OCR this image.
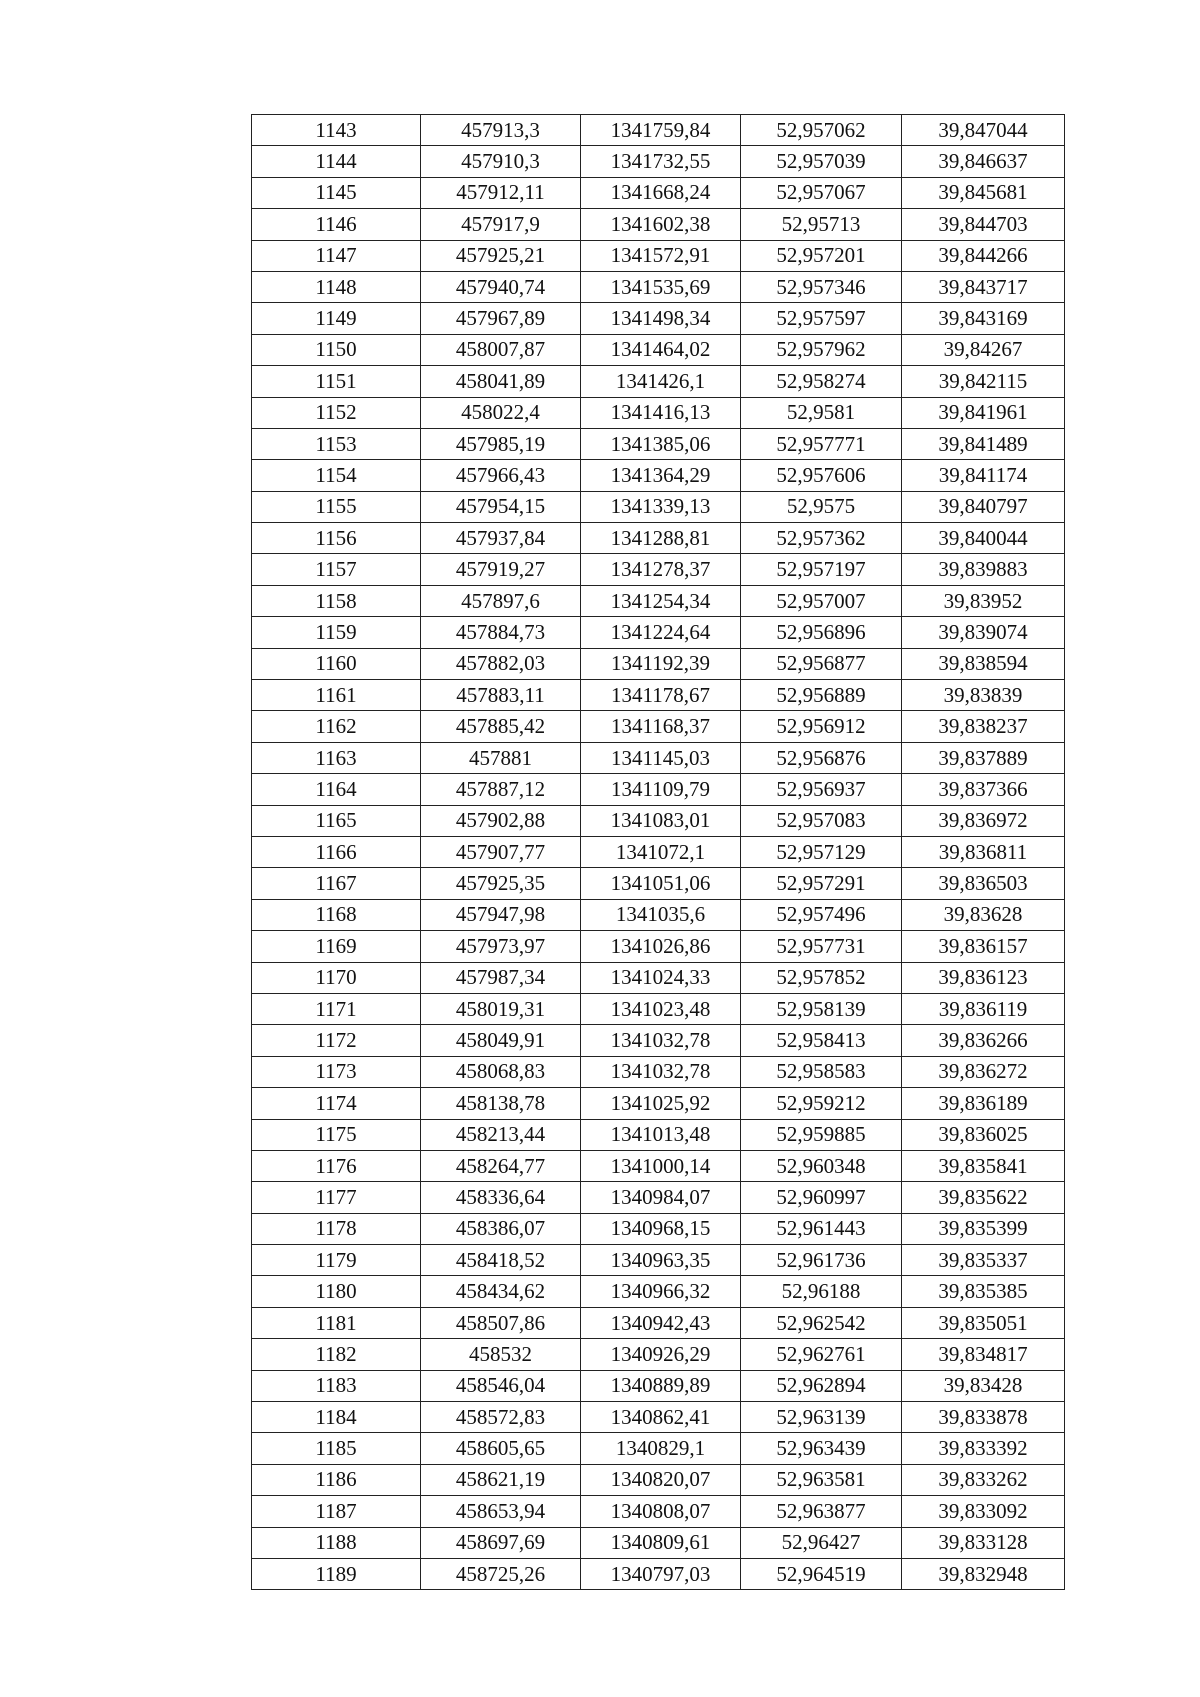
1143	457913,3	1341759,84	52,957062	39,847044
1144	457910,3	1341732,55	52,957039	39,846637
1145	457912,11	1341668,24	52,957067	39,845681
1146	457917,9	1341602,38	52,95713	39,844703
1147	457925,21	1341572,91	52,957201	39,844266
1148	457940,74	1341535,69	52,957346	39,843717
1149	457967,89	1341498,34	52,957597	39,843169
1150	458007,87	1341464,02	52,957962	39,84267
1151	458041,89	1341426,1	52,958274	39,842115
1152	458022,4	1341416,13	52,9581	39,841961
1153	457985,19	1341385,06	52,957771	39,841489
1154	457966,43	1341364,29	52,957606	39,841174
1155	457954,15	1341339,13	52,9575	39,840797
1156	457937,84	1341288,81	52,957362	39,840044
1157	457919,27	1341278,37	52,957197	39,839883
1158	457897,6	1341254,34	52,957007	39,83952
1159	457884,73	1341224,64	52,956896	39,839074
1160	457882,03	1341192,39	52,956877	39,838594
1161	457883,11	1341178,67	52,956889	39,83839
1162	457885,42	1341168,37	52,956912	39,838237
1163	457881	1341145,03	52,956876	39,837889
1164	457887,12	1341109,79	52,956937	39,837366
1165	457902,88	1341083,01	52,957083	39,836972
1166	457907,77	1341072,1	52,957129	39,836811
1167	457925,35	1341051,06	52,957291	39,836503
1168	457947,98	1341035,6	52,957496	39,83628
1169	457973,97	1341026,86	52,957731	39,836157
1170	457987,34	1341024,33	52,957852	39,836123
1171	458019,31	1341023,48	52,958139	39,836119
1172	458049,91	1341032,78	52,958413	39,836266
1173	458068,83	1341032,78	52,958583	39,836272
1174	458138,78	1341025,92	52,959212	39,836189
1175	458213,44	1341013,48	52,959885	39,836025
1176	458264,77	1341000,14	52,960348	39,835841
1177	458336,64	1340984,07	52,960997	39,835622
1178	458386,07	1340968,15	52,961443	39,835399
1179	458418,52	1340963,35	52,961736	39,835337
1180	458434,62	1340966,32	52,96188	39,835385
1181	458507,86	1340942,43	52,962542	39,835051
1182	458532	1340926,29	52,962761	39,834817
1183	458546,04	1340889,89	52,962894	39,83428
1184	458572,83	1340862,41	52,963139	39,833878
1185	458605,65	1340829,1	52,963439	39,833392
1186	458621,19	1340820,07	52,963581	39,833262
1187	458653,94	1340808,07	52,963877	39,833092
1188	458697,69	1340809,61	52,96427	39,833128
1189	458725,26	1340797,03	52,964519	39,832948
